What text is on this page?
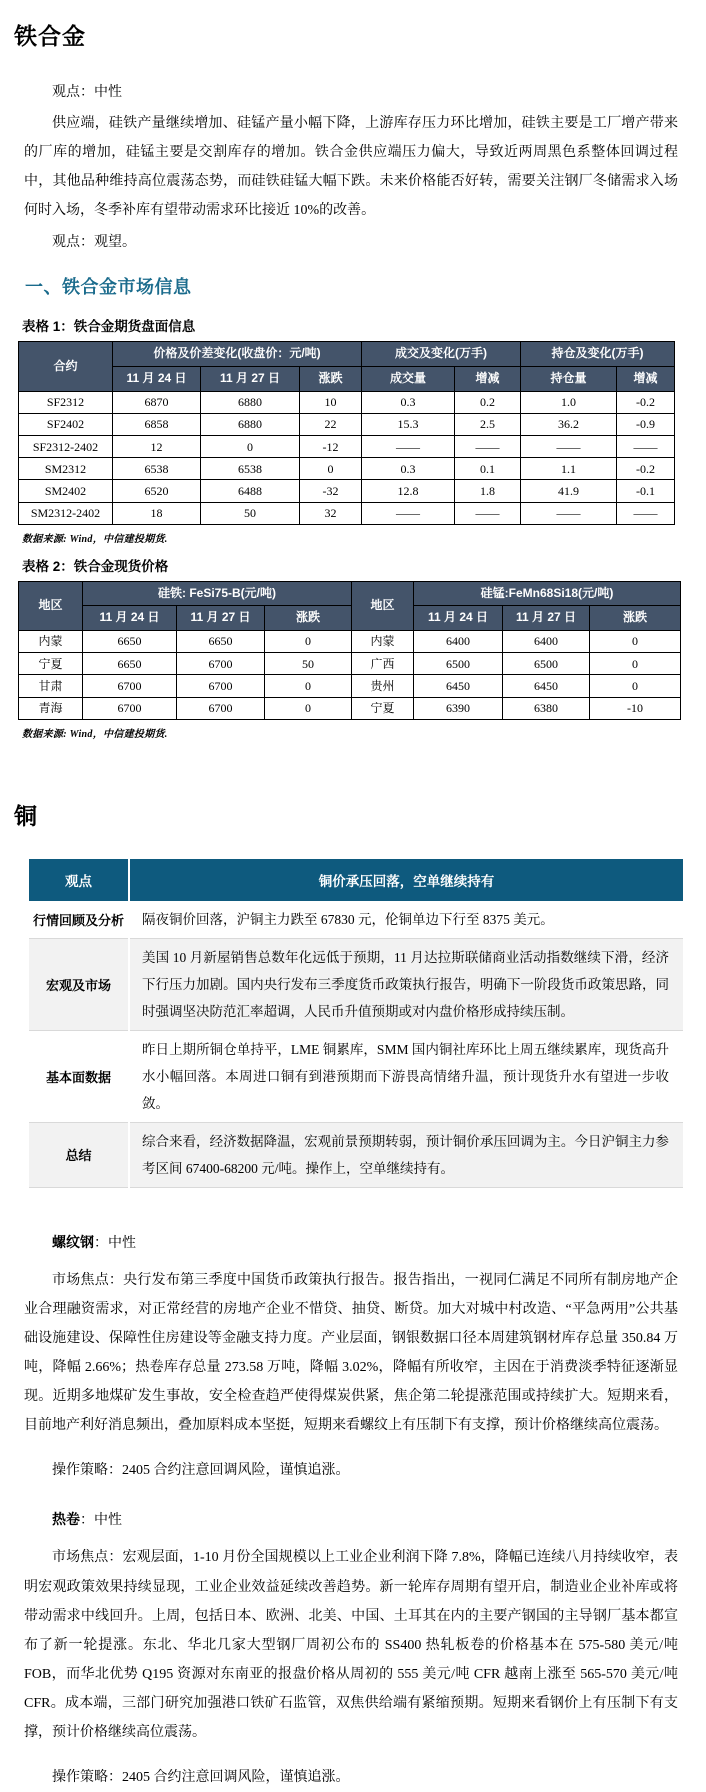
铁合金

观点：中性

供应端，硅铁产量继续增加、硅锰产量小幅下降，上游库存压力环比增加，硅铁主要是工厂增产带来的厂库的增加，硅锰主要是交割库存的增加。铁合金供应端压力偏大，导致近两周黑色系整体回调过程中，其他品种维持高位震荡态势，而硅铁硅锰大幅下跌。未来价格能否好转，需要关注钢厂冬储需求入场何时入场，冬季补库有望带动需求环比接近 10%的改善。

观点：观望。

一、铁合金市场信息
表格 1：铁合金期货盘面信息
合约	价格及价差变化(收盘价：元/吨)			成交及变化(万手)		持仓及变化(万手)	
	11 月 24 日	11 月 27 日	涨跌	成交量	增减	持仓量	增减
SF2312	6870	6880	10	0.3	0.2	1.0	-0.2
SF2402	6858	6880	22	15.3	2.5	36.2	-0.9
SF2312-2402	12	0	-12	——	——	——	——
SM2312	6538	6538	0	0.3	0.1	1.1	-0.2
SM2402	6520	6488	-32	12.8	1.8	41.9	-0.1
SM2312-2402	18	50	32	——	——	——	——
数据来源: Wind，中信建投期货.
表格 2：铁合金现货价格
地区	硅铁: FeSi75-B(元/吨)			地区	硅锰:FeMn68Si18(元/吨)		
	11 月 24 日	11 月 27 日	涨跌		11 月 24 日	11 月 27 日	涨跌
内蒙	6650	6650	0	内蒙	6400	6400	0
宁夏	6650	6700	50	广西	6500	6500	0
甘肃	6700	6700	0	贵州	6450	6450	0
青海	6700	6700	0	宁夏	6390	6380	-10
数据来源: Wind，中信建投期货.
铜
观点	铜价承压回落，空单继续持有
行情回顾及分析	隔夜铜价回落，沪铜主力跌至 67830 元，伦铜单边下行至 8375 美元。
宏观及市场	美国 10 月新屋销售总数年化远低于预期，11 月达拉斯联储商业活动指数继续下滑，经济下行压力加剧。国内央行发布三季度货币政策执行报告，明确下一阶段货币政策思路，同时强调坚决防范汇率超调，人民币升值预期或对内盘价格形成持续压制。
基本面数据	昨日上期所铜仓单持平，LME 铜累库，SMM 国内铜社库环比上周五继续累库，现货高升水小幅回落。本周进口铜有到港预期而下游畏高情绪升温，预计现货升水有望进一步收敛。
总结	综合来看，经济数据降温，宏观前景预期转弱，预计铜价承压回调为主。今日沪铜主力参考区间 67400-68200 元/吨。操作上，空单继续持有。

螺纹钢：中性

市场焦点：央行发布第三季度中国货币政策执行报告。报告指出，一视同仁满足不同所有制房地产企业合理融资需求，对正常经营的房地产企业不惜贷、抽贷、断贷。加大对城中村改造、“平急两用”公共基础设施建设、保障性住房建设等金融支持力度。产业层面，钢银数据口径本周建筑钢材库存总量 350.84 万吨，降幅 2.66%；热卷库存总量 273.58 万吨，降幅 3.02%，降幅有所收窄，主因在于消费淡季特征逐渐显现。近期多地煤矿发生事故，安全检查趋严使得煤炭供紧，焦企第二轮提涨范围或持续扩大。短期来看，目前地产利好消息频出，叠加原料成本坚挺，短期来看螺纹上有压制下有支撑，预计价格继续高位震荡。

操作策略：2405 合约注意回调风险，谨慎追涨。

热卷：中性

市场焦点：宏观层面，1-10 月份全国规模以上工业企业利润下降 7.8%，降幅已连续八月持续收窄，表明宏观政策效果持续显现，工业企业效益延续改善趋势。新一轮库存周期有望开启，制造业企业补库或将带动需求中线回升。上周，包括日本、欧洲、北美、中国、土耳其在内的主要产钢国的主导钢厂基本都宣布了新一轮提涨。东北、华北几家大型钢厂周初公布的 SS400 热轧板卷的价格基本在 575-580 美元/吨 FOB，而华北优势 Q195 资源对东南亚的报盘价格从周初的 555 美元/吨 CFR 越南上涨至 565-570 美元/吨 CFR。成本端，三部门研究加强港口铁矿石监管，双焦供给端有紧缩预期。短期来看钢价上有压制下有支撑，预计价格继续高位震荡。

操作策略：2405 合约注意回调风险，谨慎追涨。
